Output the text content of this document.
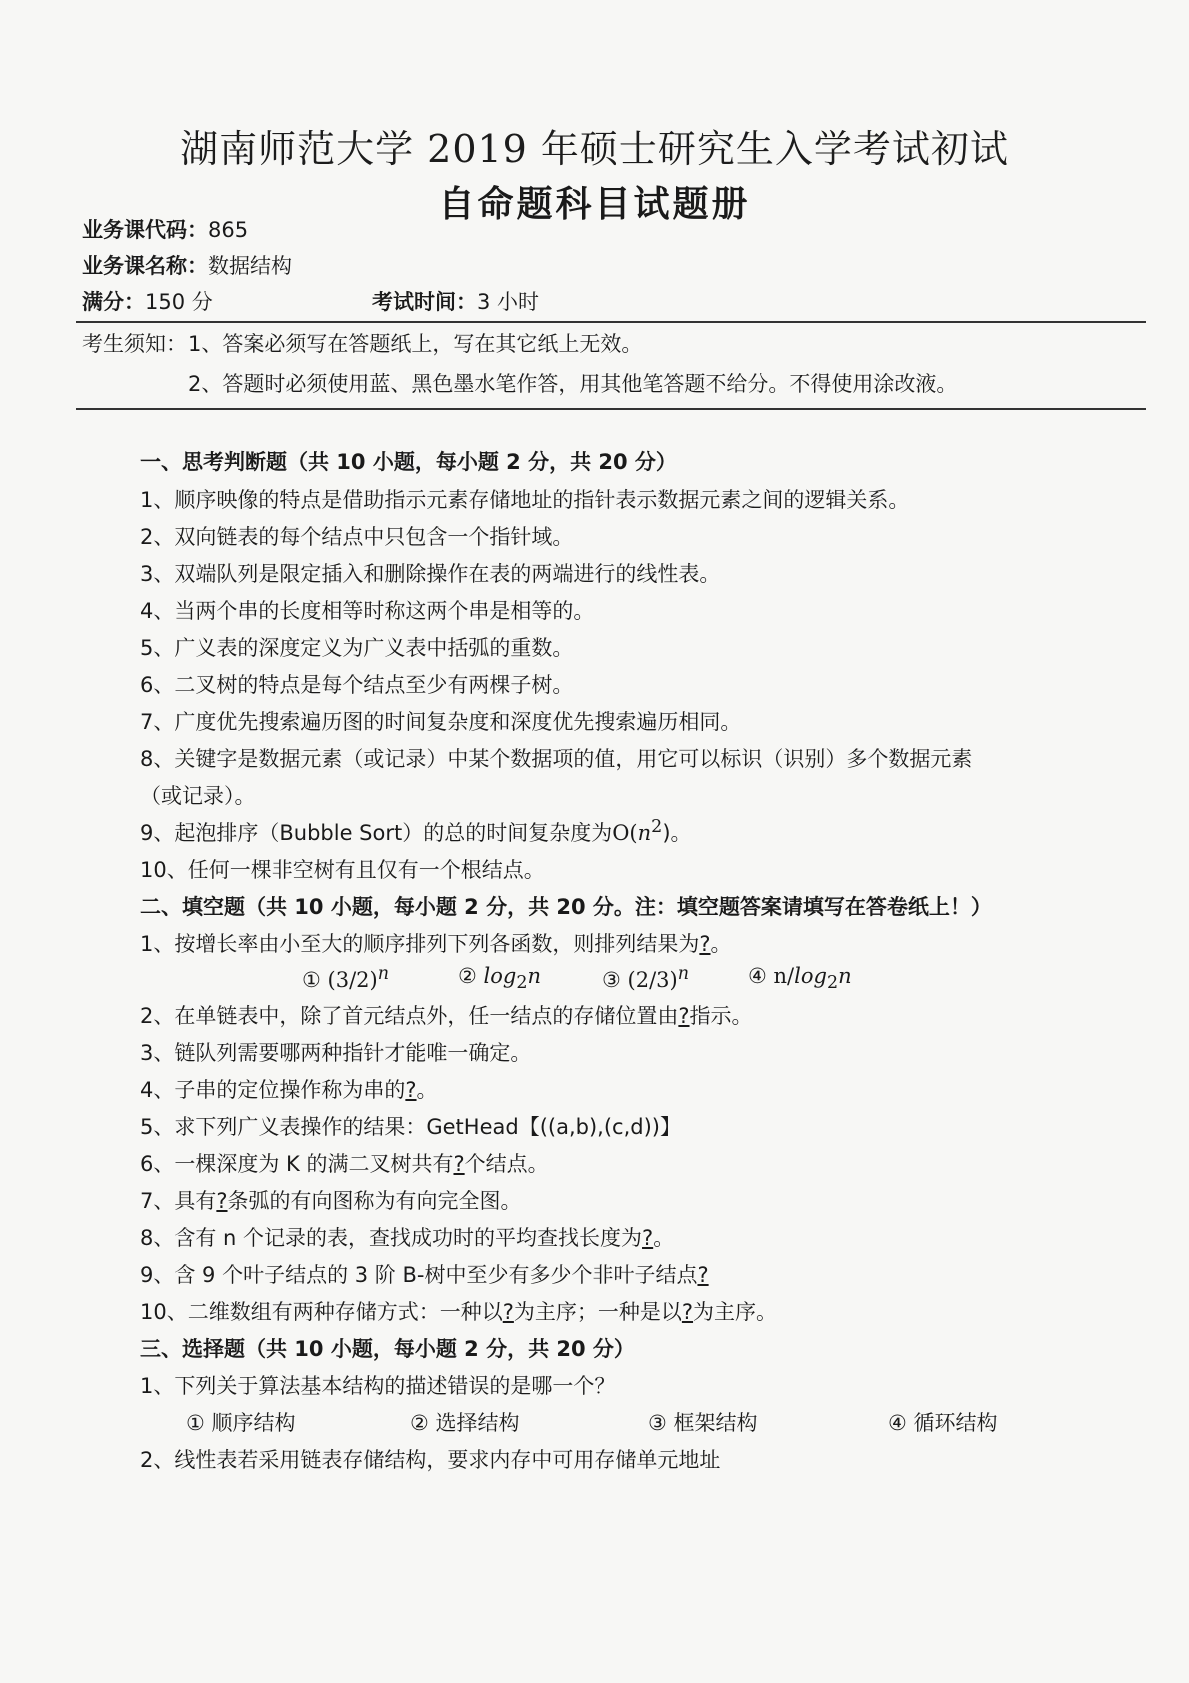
湖南师范大学 2019 年硕士研究生入学考试初试
自命题科目试题册
业务课代码：865
业务课名称：数据结构
满分：150 分	考试时间：3 小时
考生须知： 1、答案必须写在答题纸上，写在其它纸上无效。
2、答题时必须使用蓝、黑色墨水笔作答，用其他笔答题不给分。不得使用涂改液。
一、思考判断题（共 10 小题，每小题 2 分，共 20 分）
1、顺序映像的特点是借助指示元素存储地址的指针表示数据元素之间的逻辑关系。
2、双向链表的每个结点中只包含一个指针域。
3、双端队列是限定插入和删除操作在表的两端进行的线性表。
4、当两个串的长度相等时称这两个串是相等的。
5、广义表的深度定义为广义表中括弧的重数。
6、二叉树的特点是每个结点至少有两棵子树。
7、广度优先搜索遍历图的时间复杂度和深度优先搜索遍历相同。
8、关键字是数据元素（或记录）中某个数据项的值，用它可以标识（识别）多个数据元素
（或记录）。
9、起泡排序（Bubble Sort）的总的时间复杂度为$O(n^2)$。
10、任何一棵非空树有且仅有一个根结点。
二、填空题（共 10 小题，每小题 2 分，共 20 分。注：填空题答案请填写在答卷纸上！）
1、按增长率由小至大的顺序排列下列各函数，则排列结果为?。
① $(3/2)^n$	② $\log_2n$	③ $(2/3)^n$	④ $n/\log_2n$
2、在单链表中，除了首元结点外，任一结点的存储位置由?指示。
3、链队列需要哪两种指针才能唯一确定。
4、子串的定位操作称为串的?。
5、求下列广义表操作的结果：GetHead【((a,b),(c,d))】
6、一棵深度为 K 的满二叉树共有?个结点。
7、具有?条弧的有向图称为有向完全图。
8、含有 n 个记录的表，查找成功时的平均查找长度为?。
9、含 9 个叶子结点的 3 阶 B-树中至少有多少个非叶子结点?
10、二维数组有两种存储方式：一种以?为主序；一种是以?为主序。
三、选择题（共 10 小题，每小题 2 分，共 20 分）
1、下列关于算法基本结构的描述错误的是哪一个？
① 顺序结构	② 选择结构	③ 框架结构	④ 循环结构
2、线性表若采用链表存储结构，要求内存中可用存储单元地址
